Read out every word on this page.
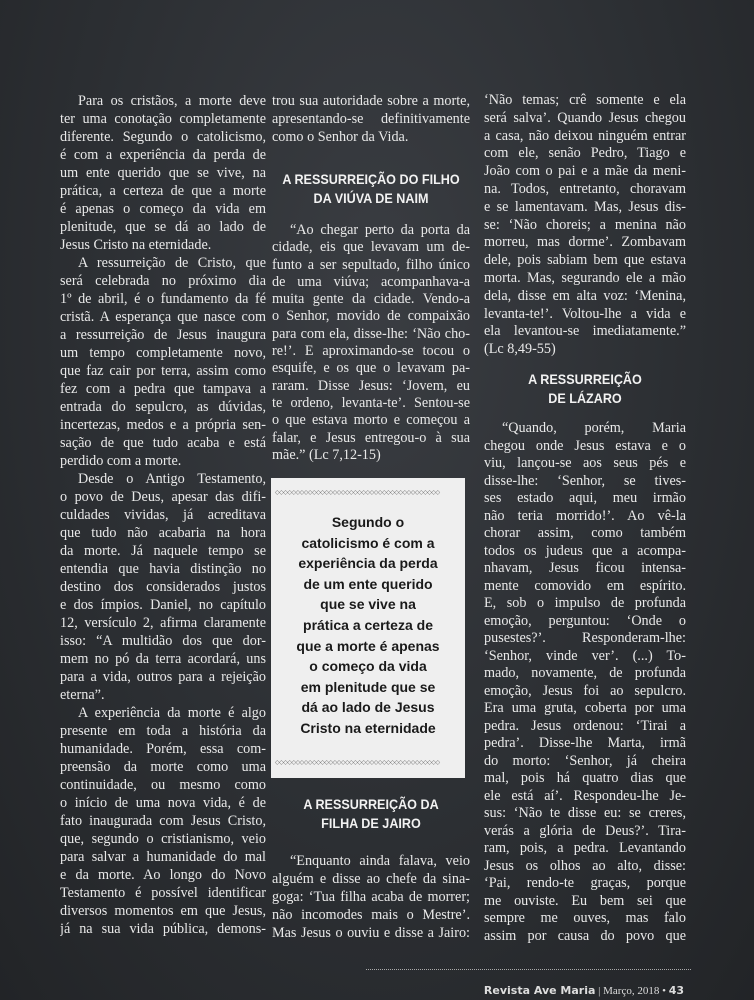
Para os cristãos, a morte deve
ter uma conotação completamente
diferente. Segundo o catolicismo,
é com a experiência da perda de
um ente querido que se vive, na
prática, a certeza de que a morte
é apenas o começo da vida em
plenitude, que se dá ao lado de
Jesus Cristo na eternidade.
A ressurreição de Cristo, que
será celebrada no próximo dia
1º de abril, é o fundamento da fé
cristã. A esperança que nasce com
a ressurreição de Jesus inaugura
um tempo completamente novo,
que faz cair por terra, assim como
fez com a pedra que tampava a
entrada do sepulcro, as dúvidas,
incertezas, medos e a própria sen-
sação de que tudo acaba e está
perdido com a morte.
Desde o Antigo Testamento,
o povo de Deus, apesar das difi-
culdades vividas, já acreditava
que tudo não acabaria na hora
da morte. Já naquele tempo se
entendia que havia distinção no
destino dos considerados justos
e dos ímpios. Daniel, no capítulo
12, versículo 2, afirma claramente
isso: “A multidão dos que dor-
mem no pó da terra acordará, uns
para a vida, outros para a rejeição
eterna”.
A experiência da morte é algo
presente em toda a história da
humanidade. Porém, essa com-
preensão da morte como uma
continuidade, ou mesmo como
o início de uma nova vida, é de
fato inaugurada com Jesus Cristo,
que, segundo o cristianismo, veio
para salvar a humanidade do mal
e da morte. Ao longo do Novo
Testamento é possível identificar
diversos momentos em que Jesus,
já na sua vida pública, demons-
trou sua autoridade sobre a morte,
apresentando-se definitivamente
como o Senhor da Vida.
A RESSURREIÇÃO DO FILHO
DA VIÚVA DE NAIM
“Ao chegar perto da porta da
cidade, eis que levavam um de-
funto a ser sepultado, filho único
de uma viúva; acompanhava-a
muita gente da cidade. Vendo-a
o Senhor, movido de compaixão
para com ela, disse-lhe: ‘Não cho-
re!’. E aproximando-se tocou o
esquife, e os que o levavam pa-
raram. Disse Jesus: ‘Jovem, eu
te ordeno, levanta-te’. Sentou-se
o que estava morto e começou a
falar, e Jesus entregou-o à sua
mãe.” (Lc 7,12-15)
A RESSURREIÇÃO DA
FILHA DE JAIRO
“Enquanto ainda falava, veio
alguém e disse ao chefe da sina-
goga: ‘Tua filha acaba de morrer;
não incomodes mais o Mestre’.
Mas Jesus o ouviu e disse a Jairo:
‘Não temas; crê somente e ela
será salva’. Quando Jesus chegou
a casa, não deixou ninguém entrar
com ele, senão Pedro, Tiago e
João com o pai e a mãe da meni-
na. Todos, entretanto, choravam
e se lamentavam. Mas, Jesus dis-
se: ‘Não choreis; a menina não
morreu, mas dorme’. Zombavam
dele, pois sabiam bem que estava
morta. Mas, segurando ele a mão
dela, disse em alta voz: ‘Menina,
levanta-te!’. Voltou-lhe a vida e
ela levantou-se imediatamente.”
(Lc 8,49-55)
A RESSURREIÇÃO
DE LÁZARO
“Quando, porém, Maria
chegou onde Jesus estava e o
viu, lançou-se aos seus pés e
disse-lhe: ‘Senhor, se tives-
ses estado aqui, meu irmão
não teria morrido!’. Ao vê-la
chorar assim, como também
todos os judeus que a acompa-
nhavam, Jesus ficou intensa-
mente comovido em espírito.
E, sob o impulso de profunda
emoção, perguntou: ‘Onde o
pusestes?’. Responderam-lhe:
‘Senhor, vinde ver’. (...) To-
mado, novamente, de profunda
emoção, Jesus foi ao sepulcro.
Era uma gruta, coberta por uma
pedra. Jesus ordenou: ‘Tirai a
pedra’. Disse-lhe Marta, irmã
do morto: ‘Senhor, já cheira
mal, pois há quatro dias que
ele está aí’. Respondeu-lhe Je-
sus: ‘Não te disse eu: se creres,
verás a glória de Deus?’. Tira-
ram, pois, a pedra. Levantando
Jesus os olhos ao alto, disse:
‘Pai, rendo-te graças, porque
me ouviste. Eu bem sei que
sempre me ouves, mas falo
assim por causa do povo que
◇◇◇◇◇◇◇◇◇◇◇◇◇◇◇◇◇◇◇◇◇◇◇◇◇◇◇◇◇◇◇◇◇◇◇◇◇◇◇◇
Segundo o
catolicismo é com a
experiência da perda
de um ente querido
que se vive na
prática a certeza de
que a morte é apenas
o começo da vida
em plenitude que se
dá ao lado de Jesus
Cristo na eternidade
◇◇◇◇◇◇◇◇◇◇◇◇◇◇◇◇◇◇◇◇◇◇◇◇◇◇◇◇◇◇◇◇◇◇◇◇◇◇◇◇
Revista Ave Maria | Março, 2018 • 43
